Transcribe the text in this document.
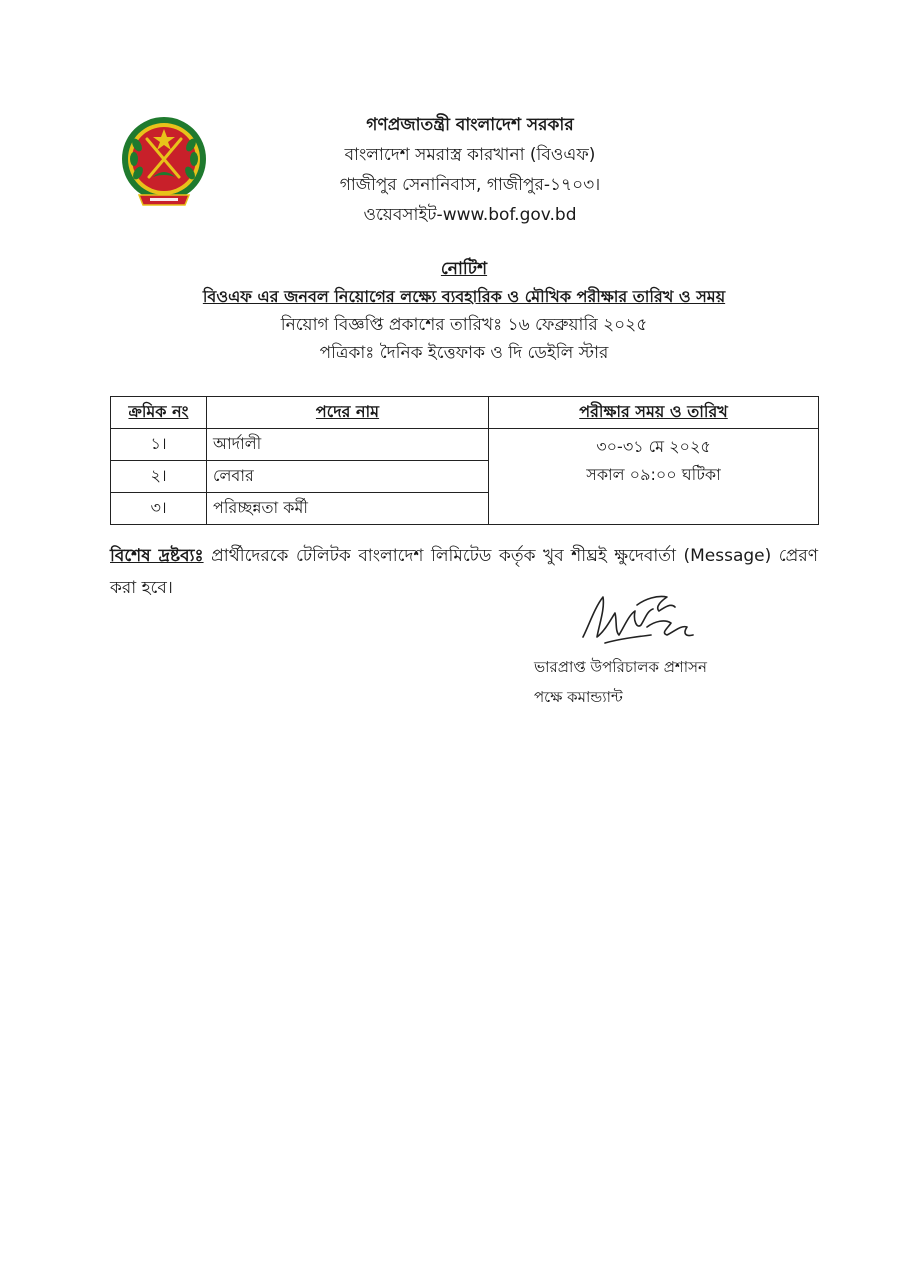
গণপ্রজাতন্ত্রী বাংলাদেশ সরকার
বাংলাদেশ সমরাস্ত্র কারখানা (বিওএফ)
গাজীপুর সেনানিবাস, গাজীপুর-১৭০৩।
ওয়েবসাইট-www.bof.gov.bd
নোটিশ
বিওএফ এর জনবল নিয়োগের লক্ষ্যে ব্যবহারিক ও মৌখিক পরীক্ষার তারিখ ও সময়
নিয়োগ বিজ্ঞপ্তি প্রকাশের তারিখঃ ১৬ ফেব্রুয়ারি ২০২৫
পত্রিকাঃ দৈনিক ইত্তেফাক ও দি ডেইলি স্টার
ক্রমিক নং	পদের নাম	পরীক্ষার সময় ও তারিখ
১।	আর্দালী	৩০-৩১ মে ২০২৫
সকাল ০৯:০০ ঘটিকা

২।	লেবার	
৩।	পরিচ্ছন্নতা কর্মী	
বিশেষ দ্রষ্টব্যঃ প্রার্থীদেরকে টেলিটক বাংলাদেশ লিমিটেড কর্তৃক খুব শীঘ্রই ক্ষুদেবার্তা (Message) প্রেরণ করা হবে।
ভারপ্রাপ্ত উপরিচালক প্রশাসন
পক্ষে কমান্ড্যান্ট
